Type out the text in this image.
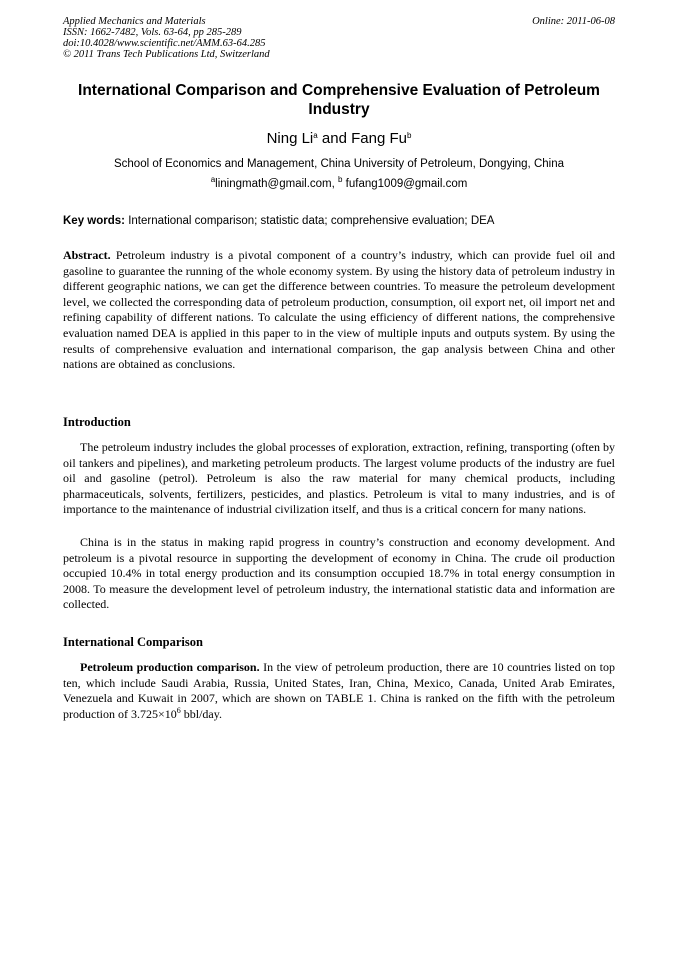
Applied Mechanics and Materials
ISSN: 1662-7482, Vols. 63-64, pp 285-289
doi:10.4028/www.scientific.net/AMM.63-64.285
© 2011 Trans Tech Publications Ltd, Switzerland
Online: 2011-06-08
International Comparison and Comprehensive Evaluation of Petroleum Industry
Ning Li$^a$ and Fang Fu$^b$
School of Economics and Management, China University of Petroleum, Dongying, China
$^a$liningmath@gmail.com, $^b$ fufang1009@gmail.com
Key words: International comparison; statistic data; comprehensive evaluation; DEA

Abstract. Petroleum industry is a pivotal component of a country’s industry, which can provide fuel oil and gasoline to guarantee the running of the whole economy system. By using the history data of petroleum industry in different geographic nations, we can get the difference between countries. To measure the petroleum development level, we collected the corresponding data of petroleum production, consumption, oil export net, oil import net and refining capability of different nations. To calculate the using efficiency of different nations, the comprehensive evaluation named DEA is applied in this paper to in the view of multiple inputs and outputs system. By using the results of comprehensive evaluation and international comparison, the gap analysis between China and other nations are obtained as conclusions.

Introduction

The petroleum industry includes the global processes of exploration, extraction, refining, transporting (often by oil tankers and pipelines), and marketing petroleum products. The largest volume products of the industry are fuel oil and gasoline (petrol). Petroleum is also the raw material for many chemical products, including pharmaceuticals, solvents, fertilizers, pesticides, and plastics. Petroleum is vital to many industries, and is of importance to the maintenance of industrial civilization itself, and thus is a critical concern for many nations.

China is in the status in making rapid progress in country’s construction and economy development. And petroleum is a pivotal resource in supporting the development of economy in China. The crude oil production occupied 10.4% in total energy production and its consumption occupied 18.7% in total energy consumption in 2008. To measure the development level of petroleum industry, the international statistic data and information are collected.

International Comparison

Petroleum production comparison. In the view of petroleum production, there are 10 countries listed on top ten, which include Saudi Arabia, Russia, United States, Iran, China, Mexico, Canada, United Arab Emirates, Venezuela and Kuwait in 2007, which are shown on TABLE 1. China is ranked on the fifth with the petroleum production of $3.725\times 10^6$ bbl/day.
